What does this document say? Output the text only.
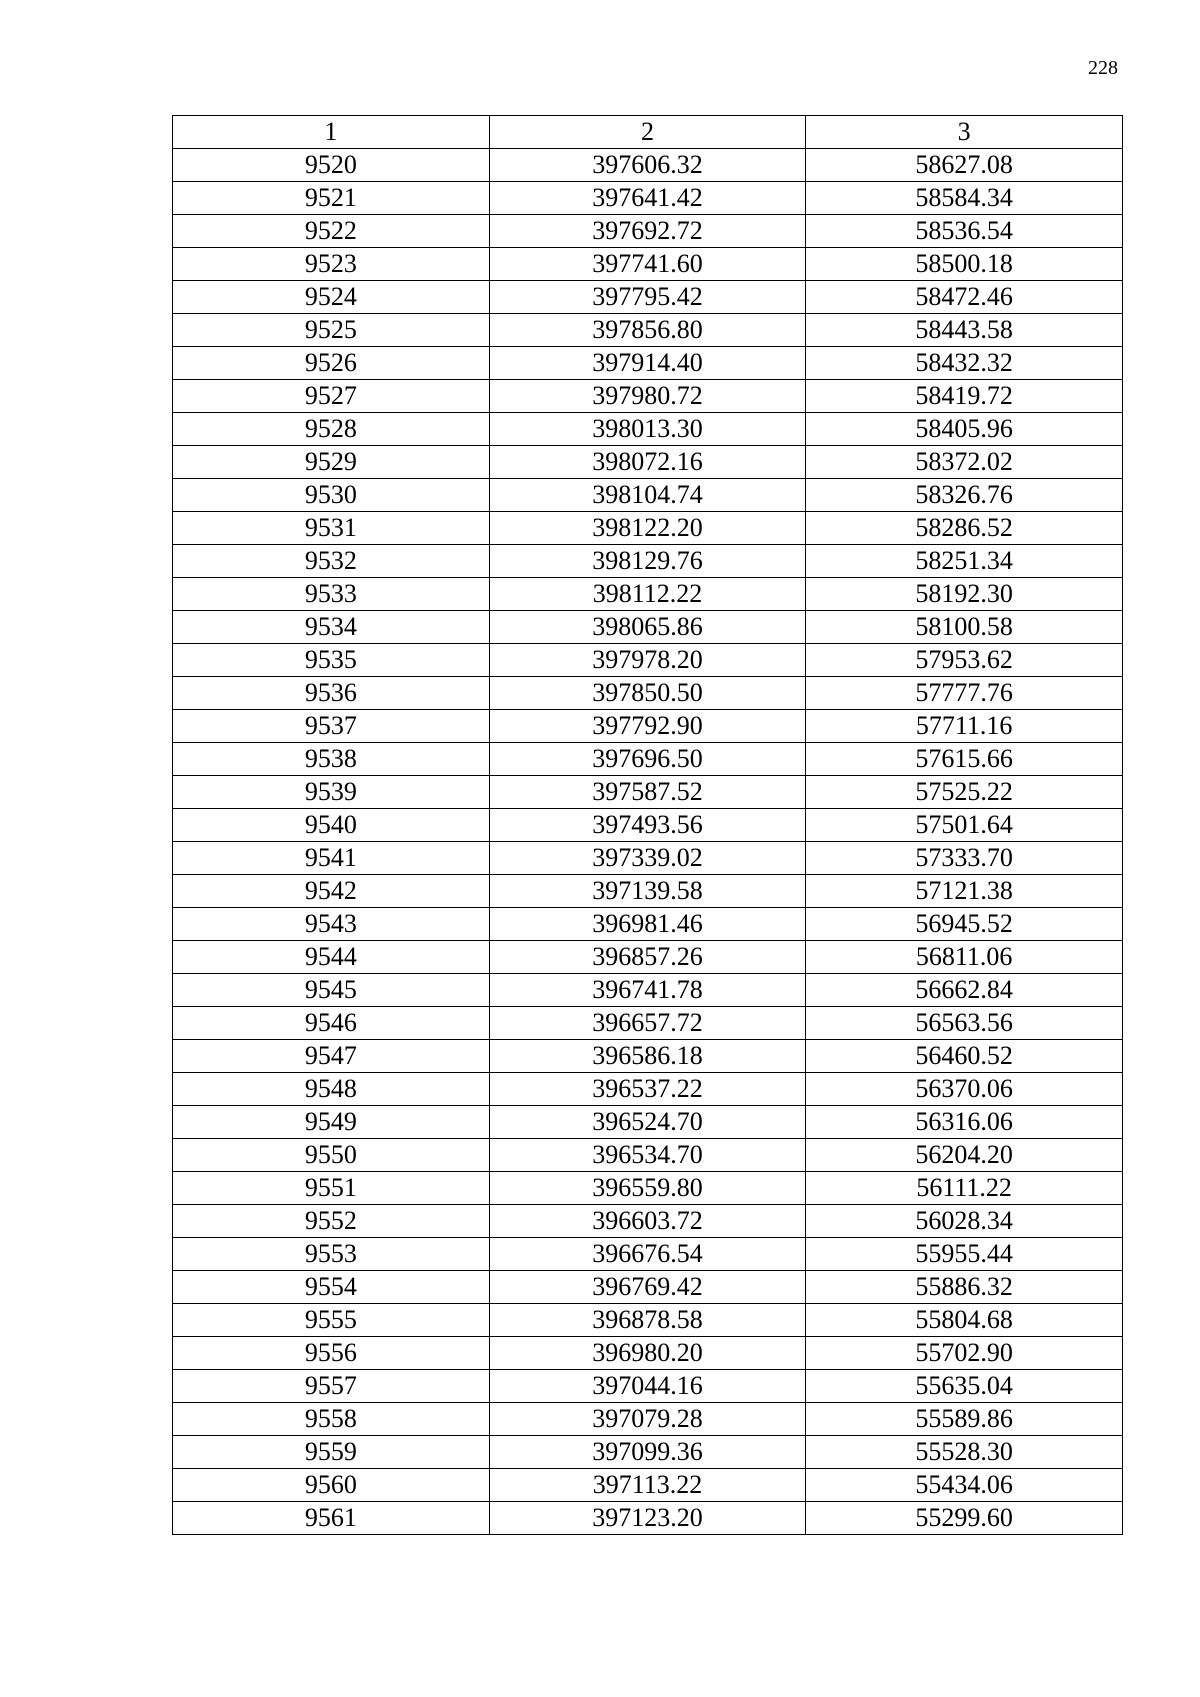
228
1	2	3
9520	397606.32	58627.08
9521	397641.42	58584.34
9522	397692.72	58536.54
9523	397741.60	58500.18
9524	397795.42	58472.46
9525	397856.80	58443.58
9526	397914.40	58432.32
9527	397980.72	58419.72
9528	398013.30	58405.96
9529	398072.16	58372.02
9530	398104.74	58326.76
9531	398122.20	58286.52
9532	398129.76	58251.34
9533	398112.22	58192.30
9534	398065.86	58100.58
9535	397978.20	57953.62
9536	397850.50	57777.76
9537	397792.90	57711.16
9538	397696.50	57615.66
9539	397587.52	57525.22
9540	397493.56	57501.64
9541	397339.02	57333.70
9542	397139.58	57121.38
9543	396981.46	56945.52
9544	396857.26	56811.06
9545	396741.78	56662.84
9546	396657.72	56563.56
9547	396586.18	56460.52
9548	396537.22	56370.06
9549	396524.70	56316.06
9550	396534.70	56204.20
9551	396559.80	56111.22
9552	396603.72	56028.34
9553	396676.54	55955.44
9554	396769.42	55886.32
9555	396878.58	55804.68
9556	396980.20	55702.90
9557	397044.16	55635.04
9558	397079.28	55589.86
9559	397099.36	55528.30
9560	397113.22	55434.06
9561	397123.20	55299.60
